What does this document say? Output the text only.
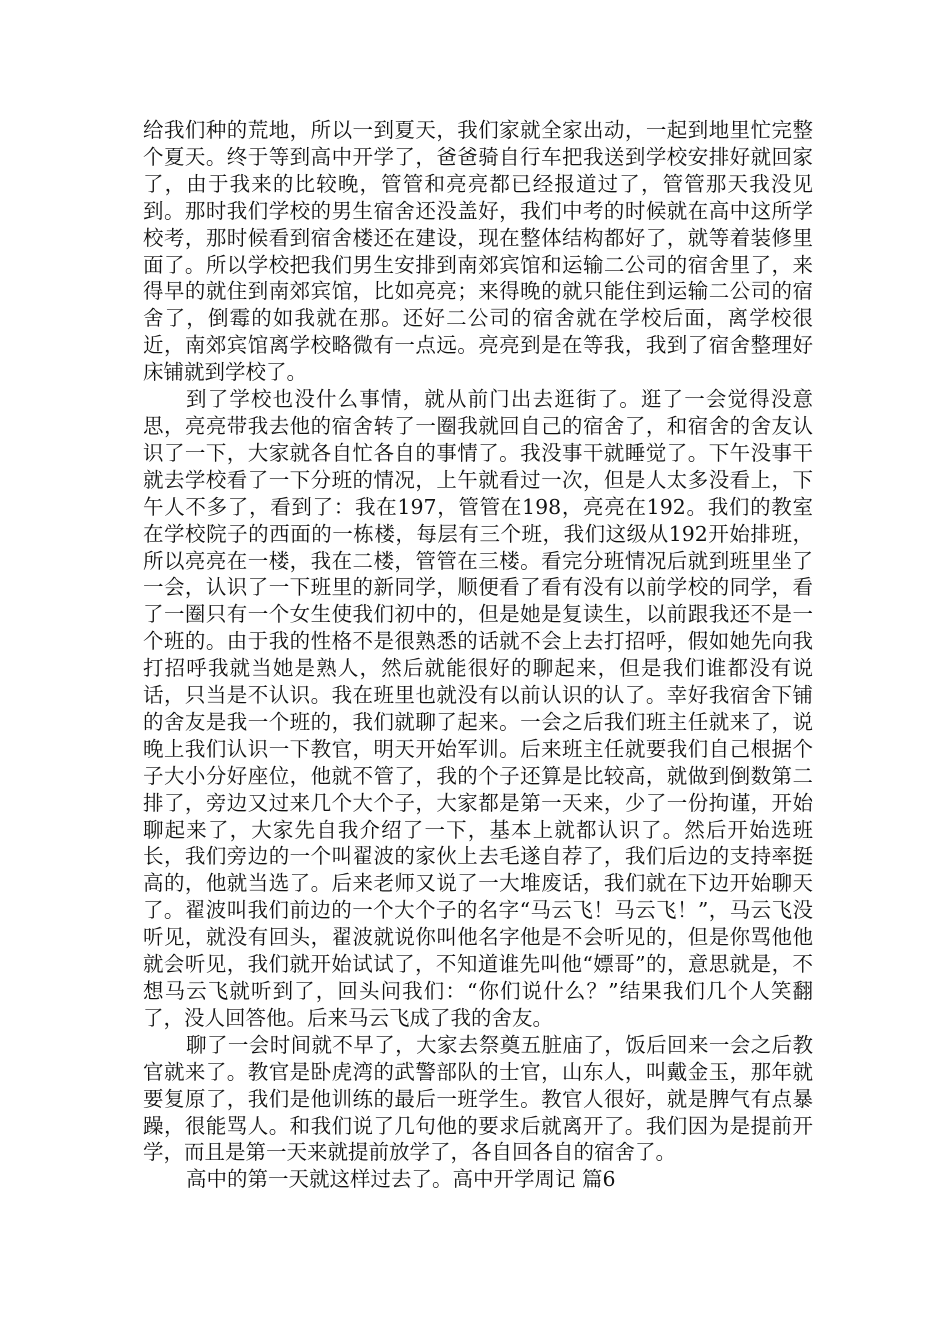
给我们种的荒地，所以一到夏天，我们家就全家出动，一起到地里忙完整个夏天。终于等到高中开学了，爸爸骑自行车把我送到学校安排好就回家了，由于我来的比较晚，管管和亮亮都已经报道过了，管管那天我没见到。那时我们学校的男生宿舍还没盖好，我们中考的时候就在高中这所学校考，那时候看到宿舍楼还在建设，现在整体结构都好了，就等着装修里面了。所以学校把我们男生安排到南郊宾馆和运输二公司的宿舍里了，来得早的就住到南郊宾馆，比如亮亮；来得晚的就只能住到运输二公司的宿舍了，倒霉的如我就在那。还好二公司的宿舍就在学校后面，离学校很近，南郊宾馆离学校略微有一点远。亮亮到是在等我，我到了宿舍整理好床铺就到学校了。

到了学校也没什么事情，就从前门出去逛街了。逛了一会觉得没意思，亮亮带我去他的宿舍转了一圈我就回自己的宿舍了，和宿舍的舍友认识了一下，大家就各自忙各自的事情了。我没事干就睡觉了。下午没事干就去学校看了一下分班的情况，上午就看过一次，但是人太多没看上，下午人不多了，看到了：我在197，管管在198，亮亮在192。我们的教室在学校院子的西面的一栋楼，每层有三个班，我们这级从192开始排班，所以亮亮在一楼，我在二楼，管管在三楼。看完分班情况后就到班里坐了一会，认识了一下班里的新同学，顺便看了看有没有以前学校的同学，看了一圈只有一个女生使我们初中的，但是她是复读生，以前跟我还不是一个班的。由于我的性格不是很熟悉的话就不会上去打招呼，假如她先向我打招呼我就当她是熟人，然后就能很好的聊起来，但是我们谁都没有说话，只当是不认识。我在班里也就没有以前认识的认了。幸好我宿舍下铺的舍友是我一个班的，我们就聊了起来。一会之后我们班主任就来了，说晚上我们认识一下教官，明天开始军训。后来班主任就要我们自己根据个子大小分好座位，他就不管了，我的个子还算是比较高，就做到倒数第二排了，旁边又过来几个大个子，大家都是第一天来，少了一份拘谨，开始聊起来了，大家先自我介绍了一下，基本上就都认识了。然后开始选班长，我们旁边的一个叫翟波的家伙上去毛遂自荐了，我们后边的支持率挺高的，他就当选了。后来老师又说了一大堆废话，我们就在下边开始聊天了。翟波叫我们前边的一个大个子的名字“马云飞！马云飞！”，马云飞没听见，就没有回头，翟波就说你叫他名字他是不会听见的，但是你骂他他就会听见，我们就开始试试了，不知道谁先叫他“嫖哥”的，意思就是，不想马云飞就听到了，回头问我们：“你们说什么？”结果我们几个人笑翻了，没人回答他。后来马云飞成了我的舍友。

聊了一会时间就不早了，大家去祭奠五脏庙了，饭后回来一会之后教官就来了。教官是卧虎湾的武警部队的士官，山东人，叫戴金玉，那年就要复原了，我们是他训练的最后一班学生。教官人很好，就是脾气有点暴躁，很能骂人。和我们说了几句他的要求后就离开了。我们因为是提前开学，而且是第一天来就提前放学了，各自回各自的宿舍了。

高中的第一天就这样过去了。高中开学周记 篇6
